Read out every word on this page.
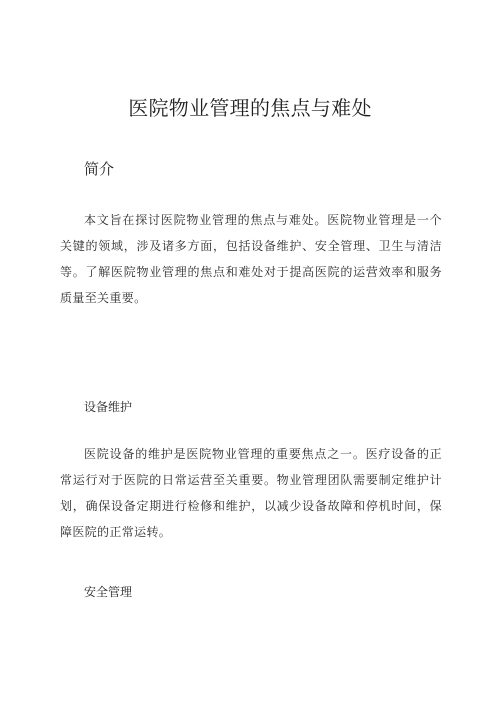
医院物业管理的焦点与难处
简介

本文旨在探讨医院物业管理的焦点与难处。医院物业管理是一个关键的领域，涉及诸多方面，包括设备维护、安全管理、卫生与清洁等。了解医院物业管理的焦点和难处对于提高医院的运营效率和服务质量至关重要。

设备维护

医院设备的维护是医院物业管理的重要焦点之一。医疗设备的正常运行对于医院的日常运营至关重要。物业管理团队需要制定维护计划，确保设备定期进行检修和维护，以减少设备故障和停机时间，保障医院的正常运转。

安全管理
